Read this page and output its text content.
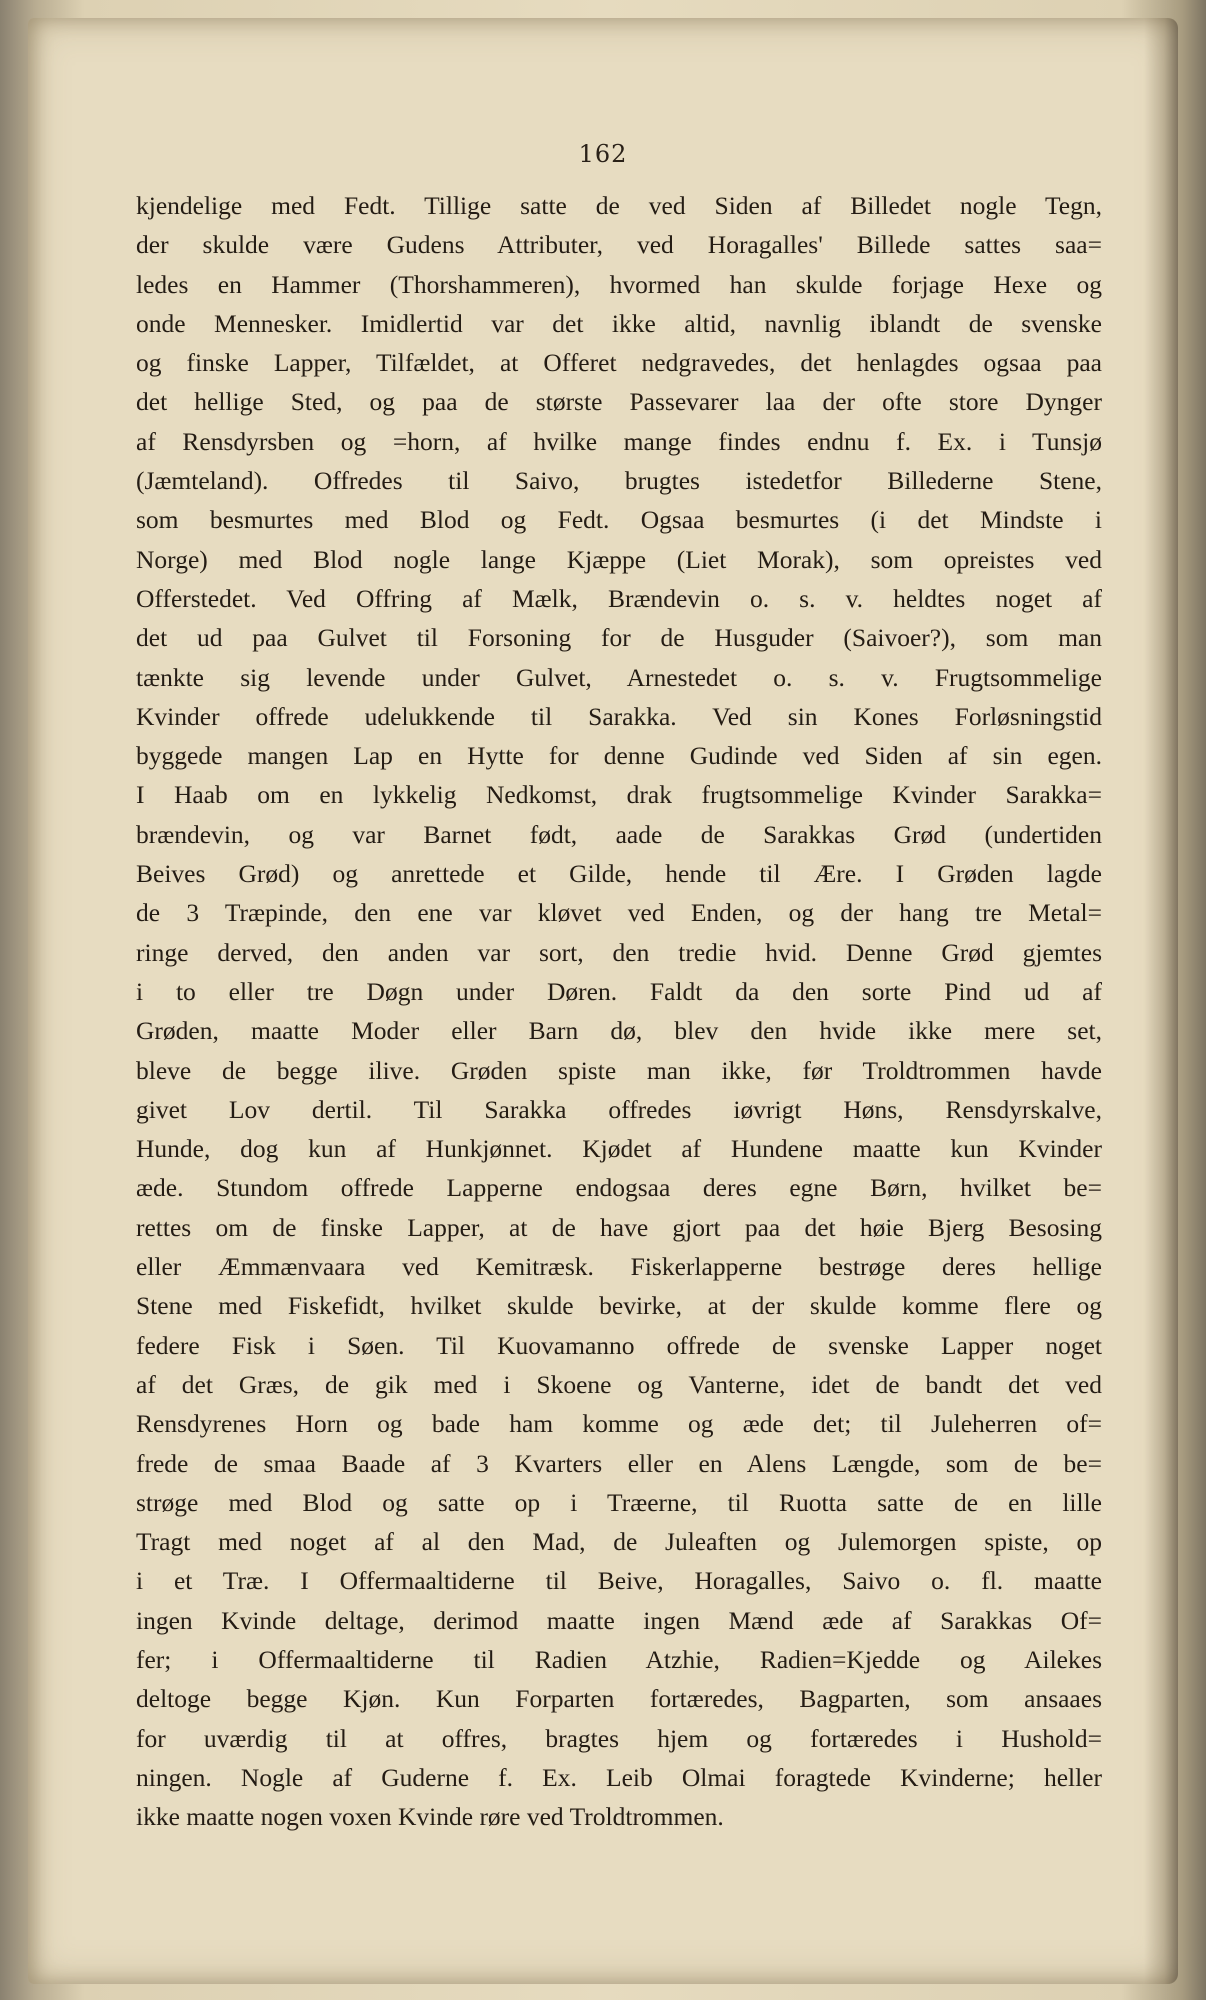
162
kjendelige med Fedt. Tillige satte de ved Siden af Billedet nogle Tegn,
der skulde være Gudens Attributer, ved Horagalles' Billede sattes saa=
ledes en Hammer (Thorshammeren), hvormed han skulde forjage Hexe og
onde Mennesker. Imidlertid var det ikke altid, navnlig iblandt de svenske
og finske Lapper, Tilfældet, at Offeret nedgravedes, det henlagdes ogsaa paa
det hellige Sted, og paa de største Passevarer laa der ofte store Dynger
af Rensdyrsben og =horn, af hvilke mange findes endnu f. Ex. i Tunsjø
(Jæmteland). Offredes til Saivo, brugtes istedetfor Billederne Stene,
som besmurtes med Blod og Fedt. Ogsaa besmurtes (i det Mindste i
Norge) med Blod nogle lange Kjæppe (Liet Morak), som opreistes ved
Offerstedet. Ved Offring af Mælk, Brændevin o. s. v. heldtes noget af
det ud paa Gulvet til Forsoning for de Husguder (Saivoer?), som man
tænkte sig levende under Gulvet, Arnestedet o. s. v. Frugtsommelige
Kvinder offrede udelukkende til Sarakka. Ved sin Kones Forløsningstid
byggede mangen Lap en Hytte for denne Gudinde ved Siden af sin egen.
I Haab om en lykkelig Nedkomst, drak frugtsommelige Kvinder Sarakka=
brændevin, og var Barnet født, aade de Sarakkas Grød (undertiden
Beives Grød) og anrettede et Gilde, hende til Ære. I Grøden lagde
de 3 Træpinde, den ene var kløvet ved Enden, og der hang tre Metal=
ringe derved, den anden var sort, den tredie hvid. Denne Grød gjemtes
i to eller tre Døgn under Døren. Faldt da den sorte Pind ud af
Grøden, maatte Moder eller Barn dø, blev den hvide ikke mere set,
bleve de begge ilive. Grøden spiste man ikke, før Troldtrommen havde
givet Lov dertil. Til Sarakka offredes iøvrigt Høns, Rensdyrskalve,
Hunde, dog kun af Hunkjønnet. Kjødet af Hundene maatte kun Kvinder
æde. Stundom offrede Lapperne endogsaa deres egne Børn, hvilket be=
rettes om de finske Lapper, at de have gjort paa det høie Bjerg Besosing
eller Æmmænvaara ved Kemitræsk. Fiskerlapperne bestrøge deres hellige
Stene med Fiskefidt, hvilket skulde bevirke, at der skulde komme flere og
federe Fisk i Søen. Til Kuovamanno offrede de svenske Lapper noget
af det Græs, de gik med i Skoene og Vanterne, idet de bandt det ved
Rensdyrenes Horn og bade ham komme og æde det; til Juleherren of=
frede de smaa Baade af 3 Kvarters eller en Alens Længde, som de be=
strøge med Blod og satte op i Træerne, til Ruotta satte de en lille
Tragt med noget af al den Mad, de Juleaften og Julemorgen spiste, op
i et Træ. I Offermaaltiderne til Beive, Horagalles, Saivo o. fl. maatte
ingen Kvinde deltage, derimod maatte ingen Mænd æde af Sarakkas Of=
fer; i Offermaaltiderne til Radien Atzhie, Radien=Kjedde og Ailekes
deltoge begge Kjøn. Kun Forparten fortæredes, Bagparten, som ansaaes
for uværdig til at offres, bragtes hjem og fortæredes i Hushold=
ningen. Nogle af Guderne f. Ex. Leib Olmai foragtede Kvinderne; heller
ikke maatte nogen voxen Kvinde røre ved Troldtrommen.
